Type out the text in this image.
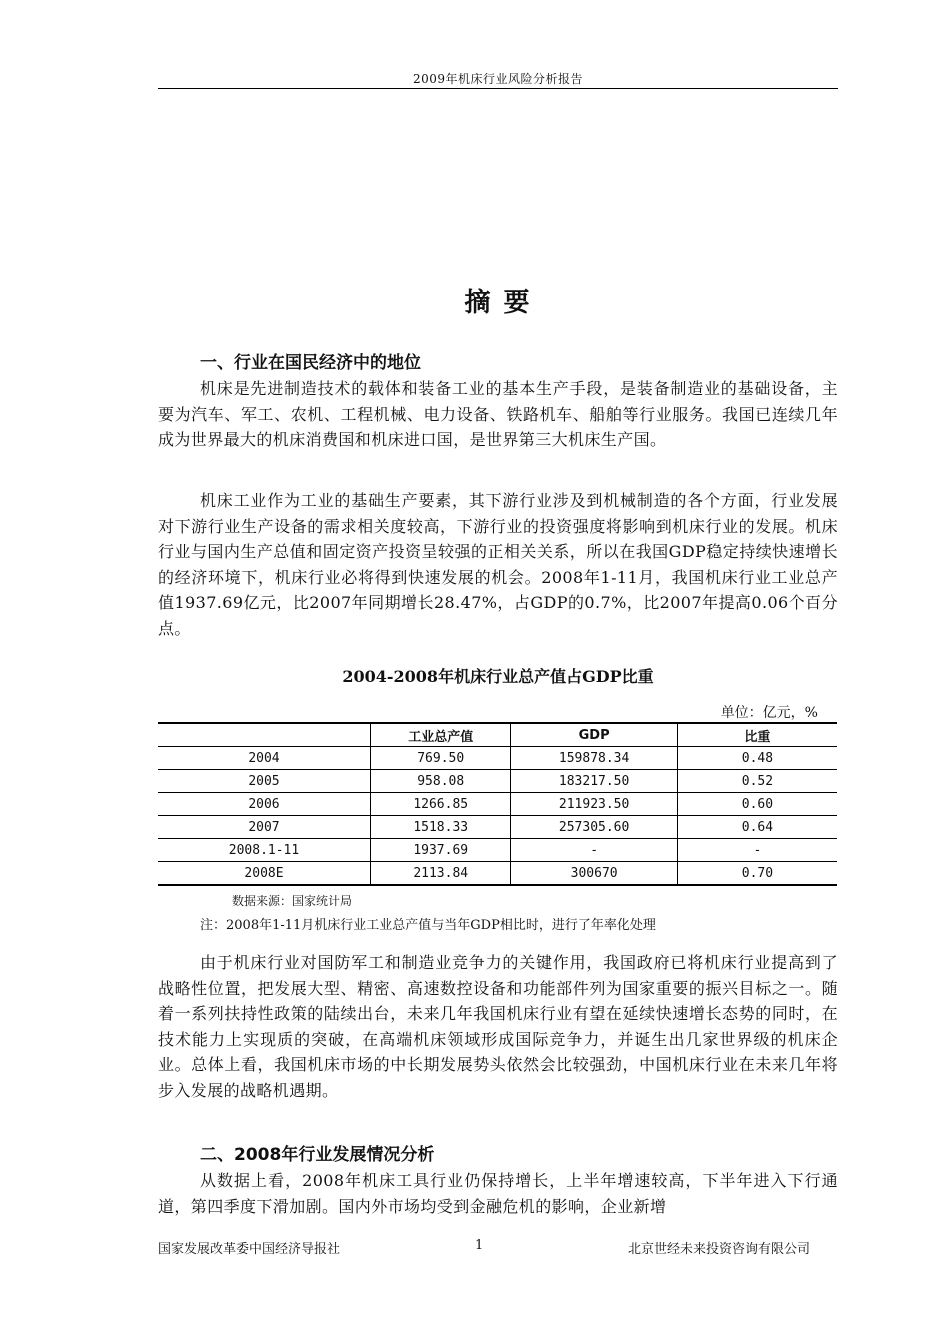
2009年机床行业风险分析报告
摘 要
一、行业在国民经济中的地位
机床是先进制造技术的载体和装备工业的基本生产手段，是装备制造业的基础设备，主要为汽车、军工、农机、工程机械、电力设备、铁路机车、船舶等行业服务。我国已连续几年成为世界最大的机床消费国和机床进口国，是世界第三大机床生产国。
机床工业作为工业的基础生产要素，其下游行业涉及到机械制造的各个方面，行业发展对下游行业生产设备的需求相关度较高，下游行业的投资强度将影响到机床行业的发展。机床行业与国内生产总值和固定资产投资呈较强的正相关关系，所以在我国GDP稳定持续快速增长的经济环境下，机床行业必将得到快速发展的机会。2008年1-11月，我国机床行业工业总产值1937.69亿元，比2007年同期增长28.47%，占GDP的0.7%，比2007年提高0.06个百分点。
2004-2008年机床行业总产值占GDP比重
单位：亿元，%
	工业总产值	GDP	比重
2004	769.50	159878.34	0.48
2005	958.08	183217.50	0.52
2006	1266.85	211923.50	0.60
2007	1518.33	257305.60	0.64
2008.1-11	1937.69	-	-
2008E	2113.84	300670	0.70
数据来源：国家统计局
注：2008年1-11月机床行业工业总产值与当年GDP相比时，进行了年率化处理
由于机床行业对国防军工和制造业竞争力的关键作用，我国政府已将机床行业提高到了战略性位置，把发展大型、精密、高速数控设备和功能部件列为国家重要的振兴目标之一。随着一系列扶持性政策的陆续出台，未来几年我国机床行业有望在延续快速增长态势的同时，在技术能力上实现质的突破，在高端机床领域形成国际竞争力，并诞生出几家世界级的机床企业。总体上看，我国机床市场的中长期发展势头依然会比较强劲，中国机床行业在未来几年将步入发展的战略机遇期。
二、2008年行业发展情况分析
从数据上看，2008年机床工具行业仍保持增长，上半年增速较高，下半年进入下行通道，第四季度下滑加剧。国内外市场均受到金融危机的影响，企业新增
国家发展改革委中国经济导报社	1	北京世经未来投资咨询有限公司
